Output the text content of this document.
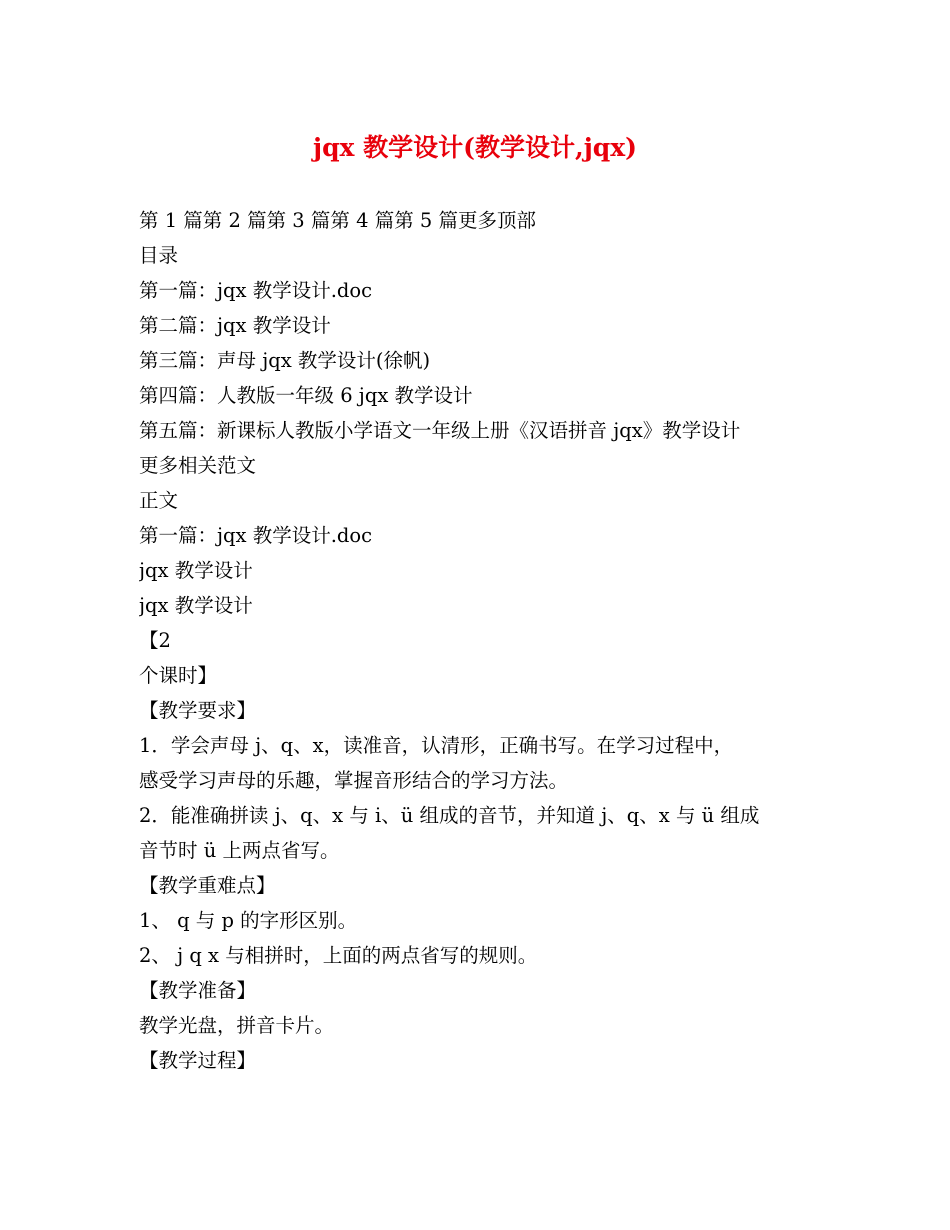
jqx 教学设计(教学设计,jqx)
第 1 篇第 2 篇第 3 篇第 4 篇第 5 篇更多顶部
目录
第一篇：jqx 教学设计.doc
第二篇：jqx 教学设计
第三篇：声母 jqx 教学设计(徐帆)
第四篇：人教版一年级 6 jqx 教学设计
第五篇：新课标人教版小学语文一年级上册《汉语拼音 jqx》教学设计
更多相关范文
正文
第一篇：jqx 教学设计.doc
jqx 教学设计
jqx 教学设计
【2
个课时】
【教学要求】
1．学会声母 j、q、x，读准音，认清形，正确书写。在学习过程中，
感受学习声母的乐趣，掌握音形结合的学习方法。
2．能准确拼读 j、q、x 与 i、ü 组成的音节，并知道 j、q、x 与 ü 组成
音节时 ü 上两点省写。
【教学重难点】
1、 q 与 p 的字形区别。
2、 j q x 与相拼时，上面的两点省写的规则。
【教学准备】
教学光盘，拼音卡片。
【教学过程】
